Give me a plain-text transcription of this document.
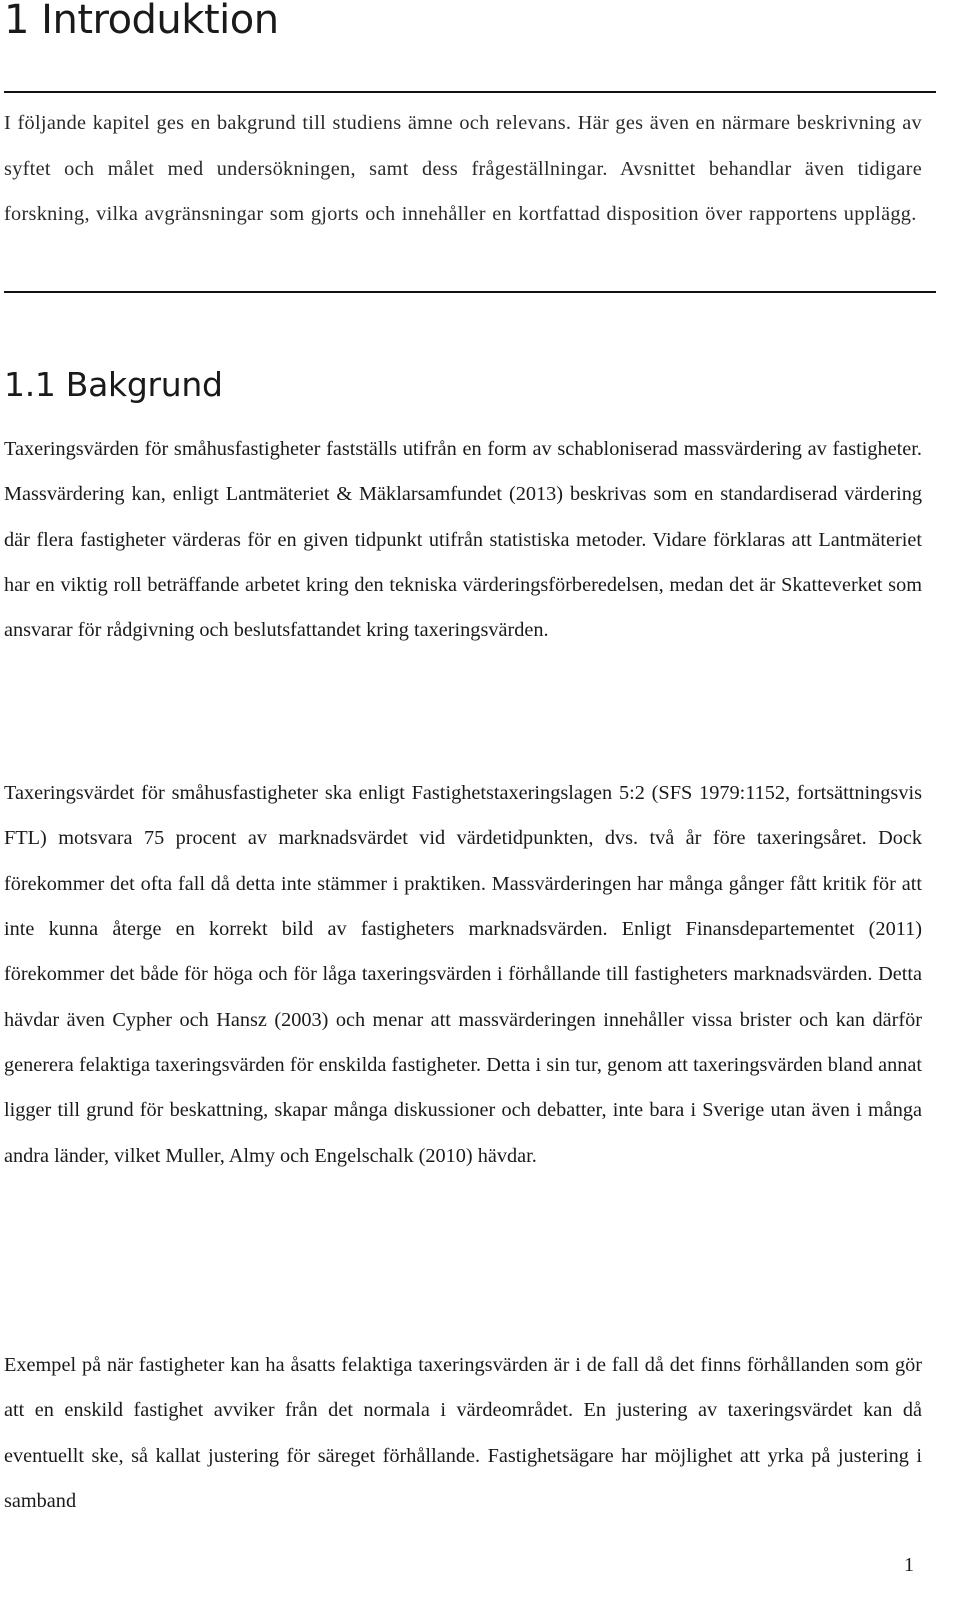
1 Introduktion

I följande kapitel ges en bakgrund till studiens ämne och relevans. Här ges även en närmare beskrivning av syftet och målet med undersökningen, samt dess frågeställningar. Avsnittet behandlar även tidigare forskning, vilka avgränsningar som gjorts och innehåller en kortfattad disposition över rapportens upplägg.

1.1 Bakgrund

Taxeringsvärden för småhusfastigheter fastställs utifrån en form av schabloniserad massvärdering av fastigheter. Massvärdering kan, enligt Lantmäteriet & Mäklarsamfundet (2013) beskrivas som en standardiserad värdering där flera fastigheter värderas för en given tidpunkt utifrån statistiska metoder. Vidare förklaras att Lantmäteriet har en viktig roll beträffande arbetet kring den tekniska värderingsförberedelsen, medan det är Skatteverket som ansvarar för rådgivning och beslutsfattandet kring taxeringsvärden.

Taxeringsvärdet för småhusfastigheter ska enligt Fastighetstaxeringslagen 5:2 (SFS 1979:1152, fortsättningsvis FTL) motsvara 75 procent av marknadsvärdet vid värdetidpunkten, dvs. två år före taxeringsåret. Dock förekommer det ofta fall då detta inte stämmer i praktiken. Massvärderingen har många gånger fått kritik för att inte kunna återge en korrekt bild av fastigheters marknadsvärden. Enligt Finansdepartementet (2011) förekommer det både för höga och för låga taxeringsvärden i förhållande till fastigheters marknadsvärden. Detta hävdar även Cypher och Hansz (2003) och menar att massvärderingen innehåller vissa brister och kan därför generera felaktiga taxeringsvärden för enskilda fastigheter. Detta i sin tur, genom att taxeringsvärden bland annat ligger till grund för beskattning, skapar många diskussioner och debatter, inte bara i Sverige utan även i många andra länder, vilket Muller, Almy och Engelschalk (2010) hävdar.

Exempel på när fastigheter kan ha åsatts felaktiga taxeringsvärden är i de fall då det finns förhållanden som gör att en enskild fastighet avviker från det normala i värdeområdet. En justering av taxeringsvärdet kan då eventuellt ske, så kallat justering för säreget förhållande. Fastighetsägare har möjlighet att yrka på justering i samband

1
